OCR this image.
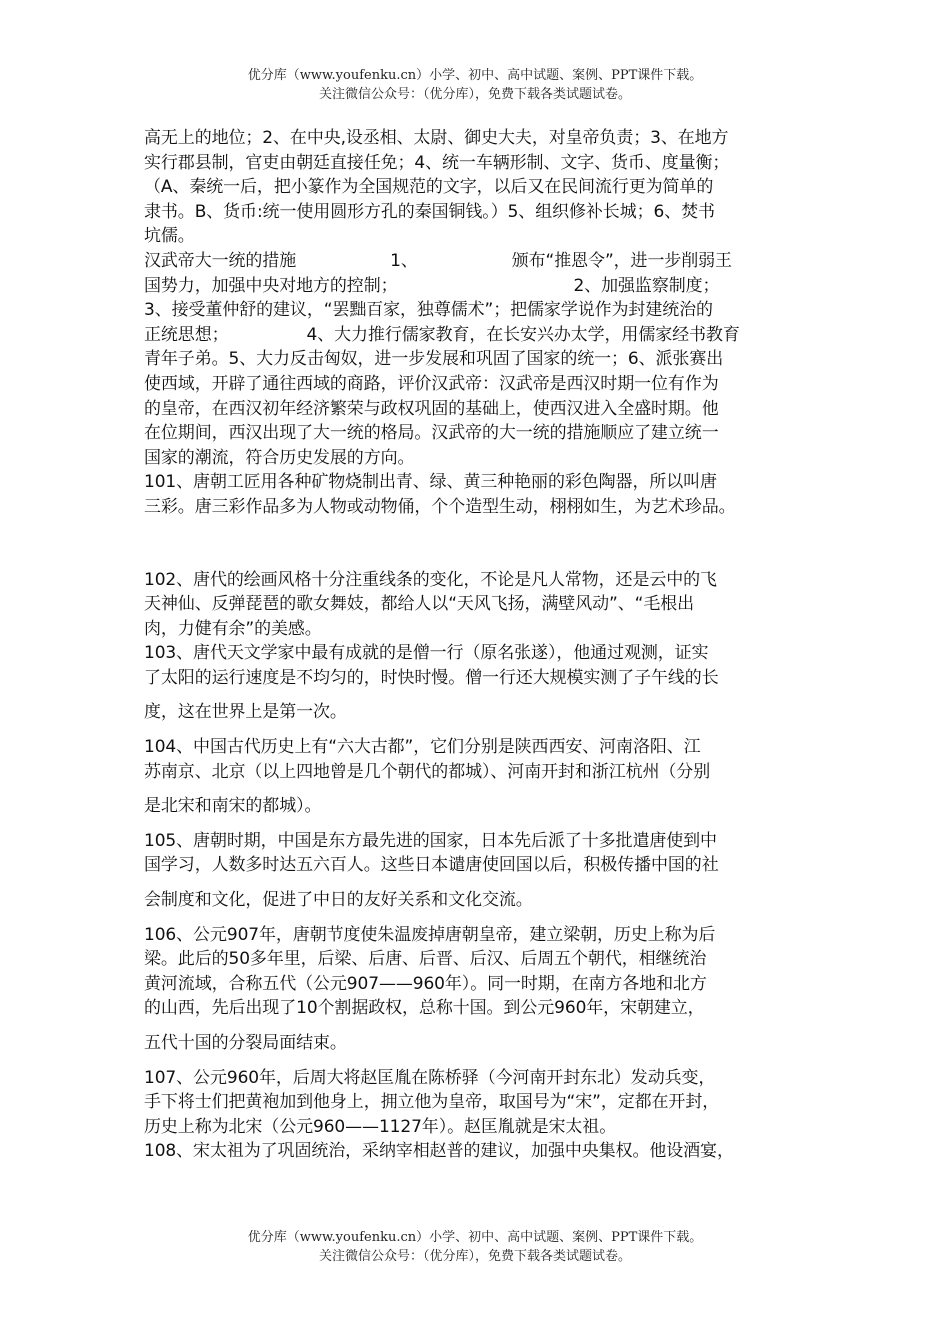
优分库（www.youfenku.cn）小学、初中、高中试题、案例、PPT课件下载。
关注微信公众号：（优分库），免费下载各类试题试卷。
高无上的地位；2、在中央,设丞相、太尉、御史大夫，对皇帝负责；3、在地方
实行郡县制，官吏由朝廷直接任免；4、统一车辆形制、文字、货币、度量衡；
（A、秦统一后，把小篆作为全国规范的文字，以后又在民间流行更为简单的
隶书。B、货币:统一使用圆形方孔的秦国铜钱。）5、组织修补长城；6、焚书
坑儒。
汉武帝大一统的措施	1、	颁布“推恩令”，进一步削弱王
国势力，加强中央对地方的控制；	2、加强监察制度；
3、接受董仲舒的建议，“罢黜百家，独尊儒术”；把儒家学说作为封建统治的
正统思想；	4、大力推行儒家教育，在长安兴办太学，用儒家经书教育
青年子弟。5、大力反击匈奴，进一步发展和巩固了国家的统一；6、派张赛出
使西域，开辟了通往西域的商路，评价汉武帝：汉武帝是西汉时期一位有作为
的皇帝，在西汉初年经济繁荣与政权巩固的基础上，使西汉进入全盛时期。他
在位期间，西汉出现了大一统的格局。汉武帝的大一统的措施顺应了建立统一
国家的潮流，符合历史发展的方向。
101、唐朝工匠用各种矿物烧制出青、绿、黄三种艳丽的彩色陶器，所以叫唐
三彩。唐三彩作品多为人物或动物俑，个个造型生动，栩栩如生，为艺术珍品。
102、唐代的绘画风格十分注重线条的变化，不论是凡人常物，还是云中的飞
天神仙、反弹琵琶的歌女舞妓，都给人以“天风飞扬，满壁风动”、“毛根出
肉，力健有余”的美感。
103、唐代天文学家中最有成就的是僧一行（原名张遂），他通过观测，证实
了太阳的运行速度是不均匀的，时快时慢。僧一行还大规模实测了子午线的长
度，这在世界上是第一次。
104、中国古代历史上有“六大古都”，它们分别是陕西西安、河南洛阳、江
苏南京、北京（以上四地曾是几个朝代的都城）、河南开封和浙江杭州（分别
是北宋和南宋的都城）。
105、唐朝时期，中国是东方最先进的国家，日本先后派了十多批遣唐使到中
国学习，人数多时达五六百人。这些日本谴唐使回国以后，积极传播中国的社
会制度和文化，促进了中日的友好关系和文化交流。
106、公元907年，唐朝节度使朱温废掉唐朝皇帝，建立梁朝，历史上称为后
梁。此后的50多年里，后梁、后唐、后晋、后汉、后周五个朝代，相继统治
黄河流域，合称五代（公元907——960年）。同一时期，在南方各地和北方
的山西，先后出现了10个割据政权，总称十国。到公元960年，宋朝建立，
五代十国的分裂局面结束。
107、公元960年，后周大将赵匡胤在陈桥驿（今河南开封东北）发动兵变，
手下将士们把黄袍加到他身上，拥立他为皇帝，取国号为“宋”，定都在开封，
历史上称为北宋（公元960——1127年）。赵匡胤就是宋太祖。
108、宋太祖为了巩固统治，采纳宰相赵普的建议，加强中央集权。他设酒宴，
优分库（www.youfenku.cn）小学、初中、高中试题、案例、PPT课件下载。
关注微信公众号：（优分库），免费下载各类试题试卷。
